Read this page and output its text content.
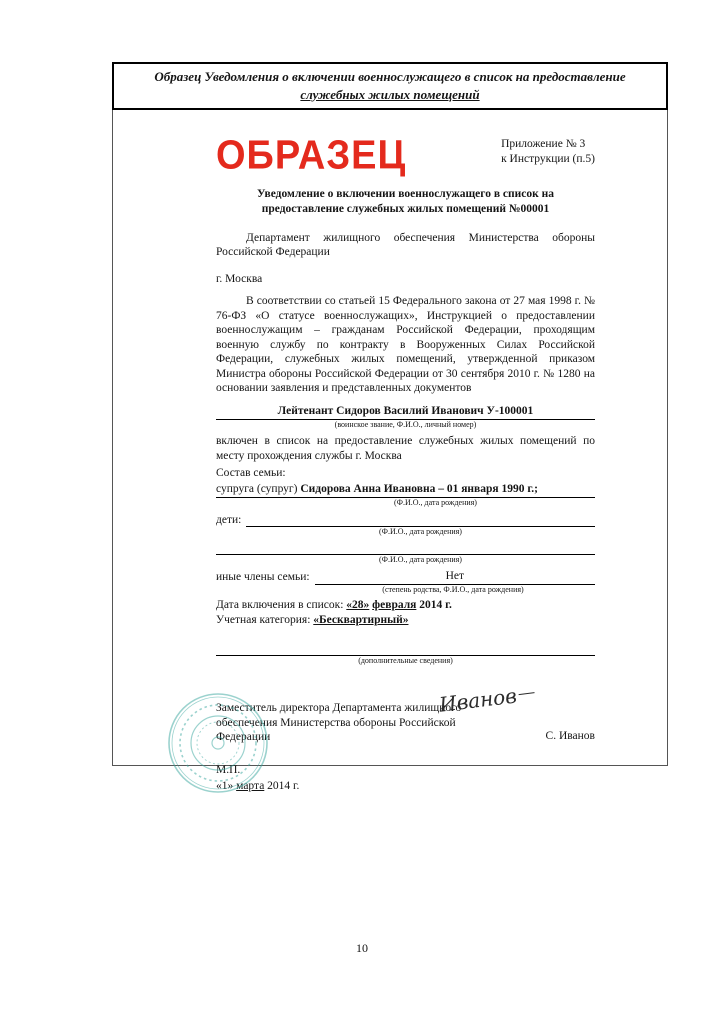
Образец Уведомления о включении военнослужащего в список на предоставление
служебных жилых помещений
ОБРАЗЕЦ	Приложение № 3
к Инструкции (п.5)
Уведомление о включении военнослужащего в список на
предоставление служебных жилых помещений №00001

Департамент жилищного обеспечения Министерства обороны Российской Федерации

г. Москва

В соответствии со статьей 15 Федерального закона от 27 мая 1998 г. № 76-ФЗ «О статусе военнослужащих», Инструкцией о предоставлении военнослужащим – гражданам Российской Федерации, проходящим военную службу по контракту в Вооруженных Силах Российской Федерации, служебных жилых помещений, утвержденной приказом Министра обороны Российской Федерации от 30 сентября 2010 г. № 1280 на основании заявления и представленных документов

Лейтенант Сидоров Василий Иванович У-100001
(воинское звание, Ф.И.О., личный номер)

включен в список на предоставление служебных жилых помещений по месту прохождения службы г. Москва

Состав семьи:
супруга (супруг) Сидорова Анна Ивановна – 01 января 1990 г.;
(Ф.И.О., дата рождения)
дети:
(Ф.И.О., дата рождения)
(Ф.И.О., дата рождения)
иные члены семьи:	Нет
(степень родства, Ф.И.О., дата рождения)
Дата включения в список: «28» февраля 2014 г.
Учетная категория: «Бесквартирный»
(дополнительные сведения)
Заместитель директора Департамента жилищного обеспечения Министерства обороны Российской Федерации
Иванов
С. Иванов
М.П.
«1» марта 2014 г.
10
